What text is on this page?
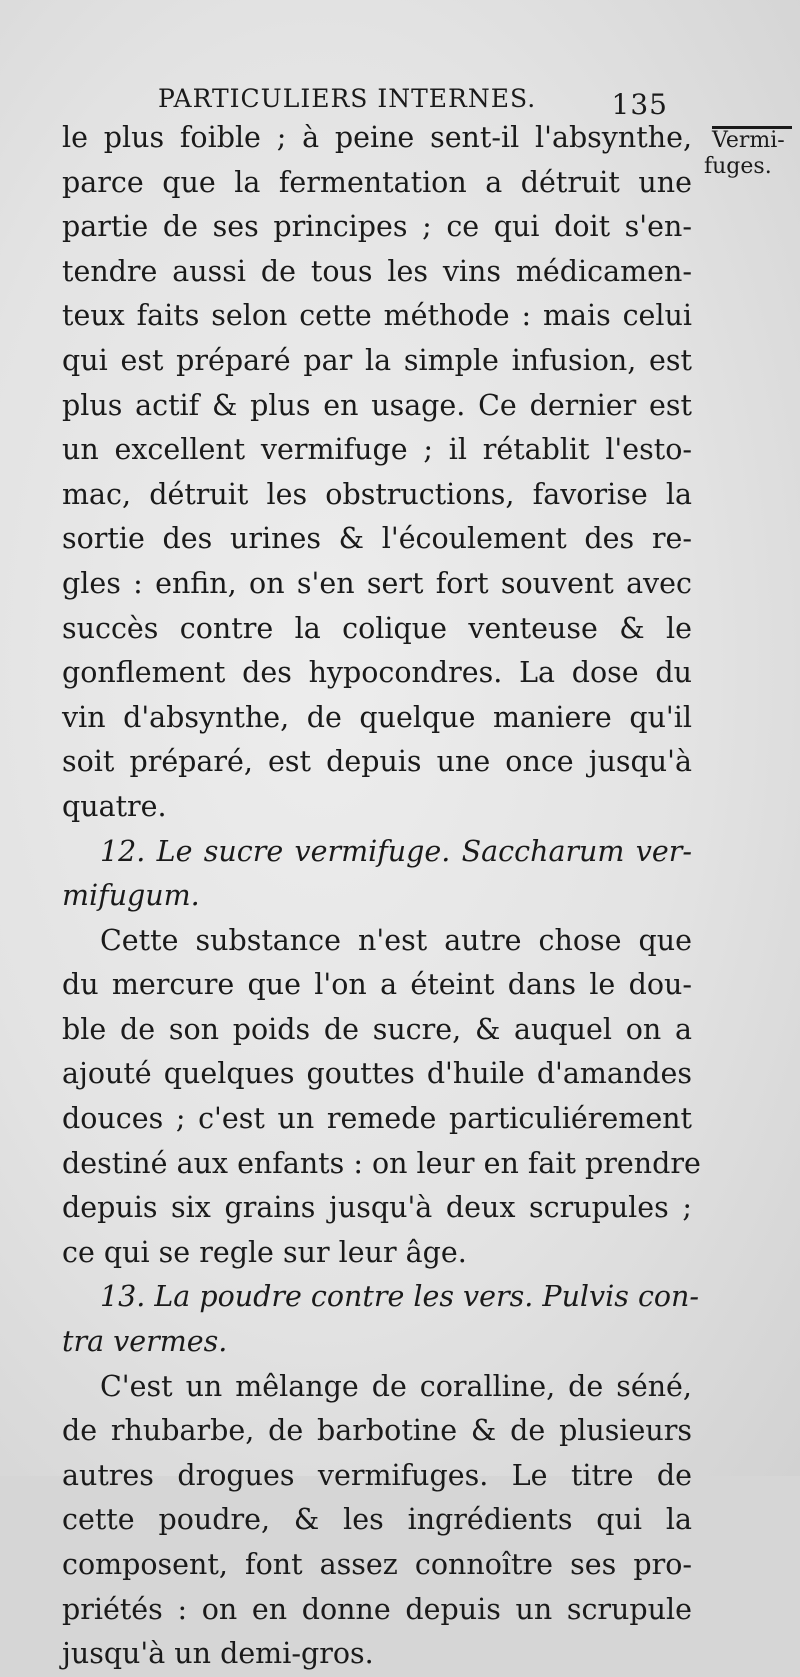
PARTICULIERS INTERNES.	135
Vermi-
fuges.
le plus foible ; à peine sent-il l'absynthe,
parce que la fermentation a détruit une
partie de ses principes ; ce qui doit s'en-
tendre aussi de tous les vins médicamen-
teux faits selon cette méthode : mais celui
qui est préparé par la simple infusion, est
plus actif & plus en usage. Ce dernier est
un excellent vermifuge ; il rétablit l'esto-
mac, détruit les obstructions, favorise la
sortie des urines & l'écoulement des re-
gles : enfin, on s'en sert fort souvent avec
succès contre la colique venteuse & le
gonflement des hypocondres. La dose du
vin d'absynthe, de quelque maniere qu'il
soit préparé, est depuis une once jusqu'à
quatre.
12. Le sucre vermifuge. Saccharum ver-
mifugum.
Cette substance n'est autre chose que
du mercure que l'on a éteint dans le dou-
ble de son poids de sucre, & auquel on a
ajouté quelques gouttes d'huile d'amandes
douces ; c'est un remede particuliérement
destiné aux enfants : on leur en fait prendre
depuis six grains jusqu'à deux scrupules ;
ce qui se regle sur leur âge.
13. La poudre contre les vers. Pulvis con-
tra vermes.
C'est un mêlange de coralline, de séné,
de rhubarbe, de barbotine & de plusieurs
autres drogues vermifuges. Le titre de
cette poudre, & les ingrédients qui la
composent, font assez connoître ses pro-
priétés : on en donne depuis un scrupule
jusqu'à un demi-gros.
